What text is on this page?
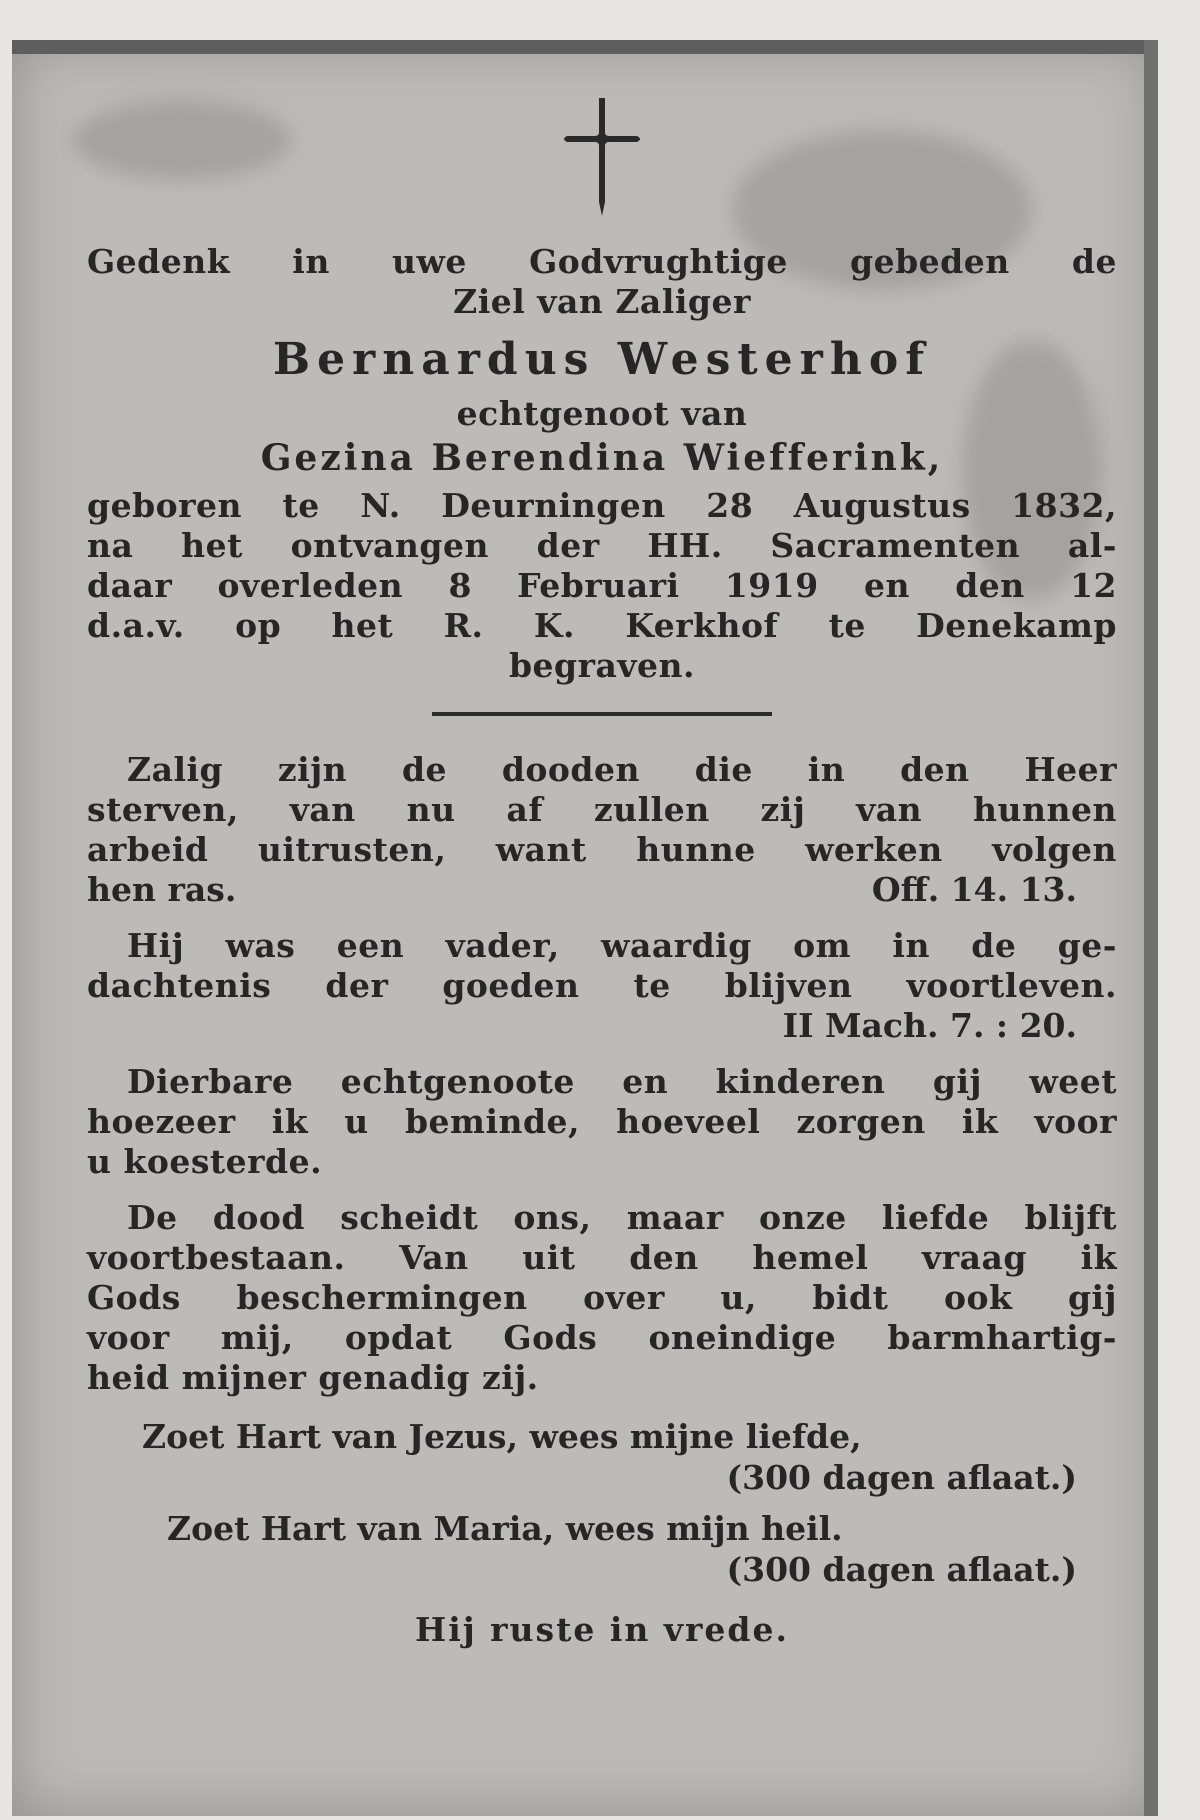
Gedenk in uwe Godvrughtige gebeden de
Ziel van Zaliger
Bernardus Westerhof
echtgenoot van
Gezina Berendina Wiefferink,
geboren te N. Deurningen 28 Augustus 1832,
na het ontvangen der HH. Sacramenten al-
daar overleden 8 Februari 1919 en den 12
d.a.v. op het R. K. Kerkhof te Denekamp
begraven.
Zalig zijn de dooden die in den Heer
sterven, van nu af zullen zij van hunnen
arbeid uitrusten, want hunne werken volgen
hen ras.	Off. 14. 13.
Hij was een vader, waardig om in de ge-
dachtenis der goeden te blijven voortleven.
II Mach. 7. : 20.
Dierbare echtgenoote en kinderen gij weet
hoezeer ik u beminde, hoeveel zorgen ik voor
u koesterde.
De dood scheidt ons, maar onze liefde blijft
voortbestaan. Van uit den hemel vraag ik
Gods beschermingen over u, bidt ook gij
voor mij, opdat Gods oneindige barmhartig-
heid mijner genadig zij.
Zoet Hart van Jezus, wees mijne liefde,
(300 dagen aflaat.)
Zoet Hart van Maria, wees mijn heil.
(300 dagen aflaat.)
Hij ruste in vrede.
